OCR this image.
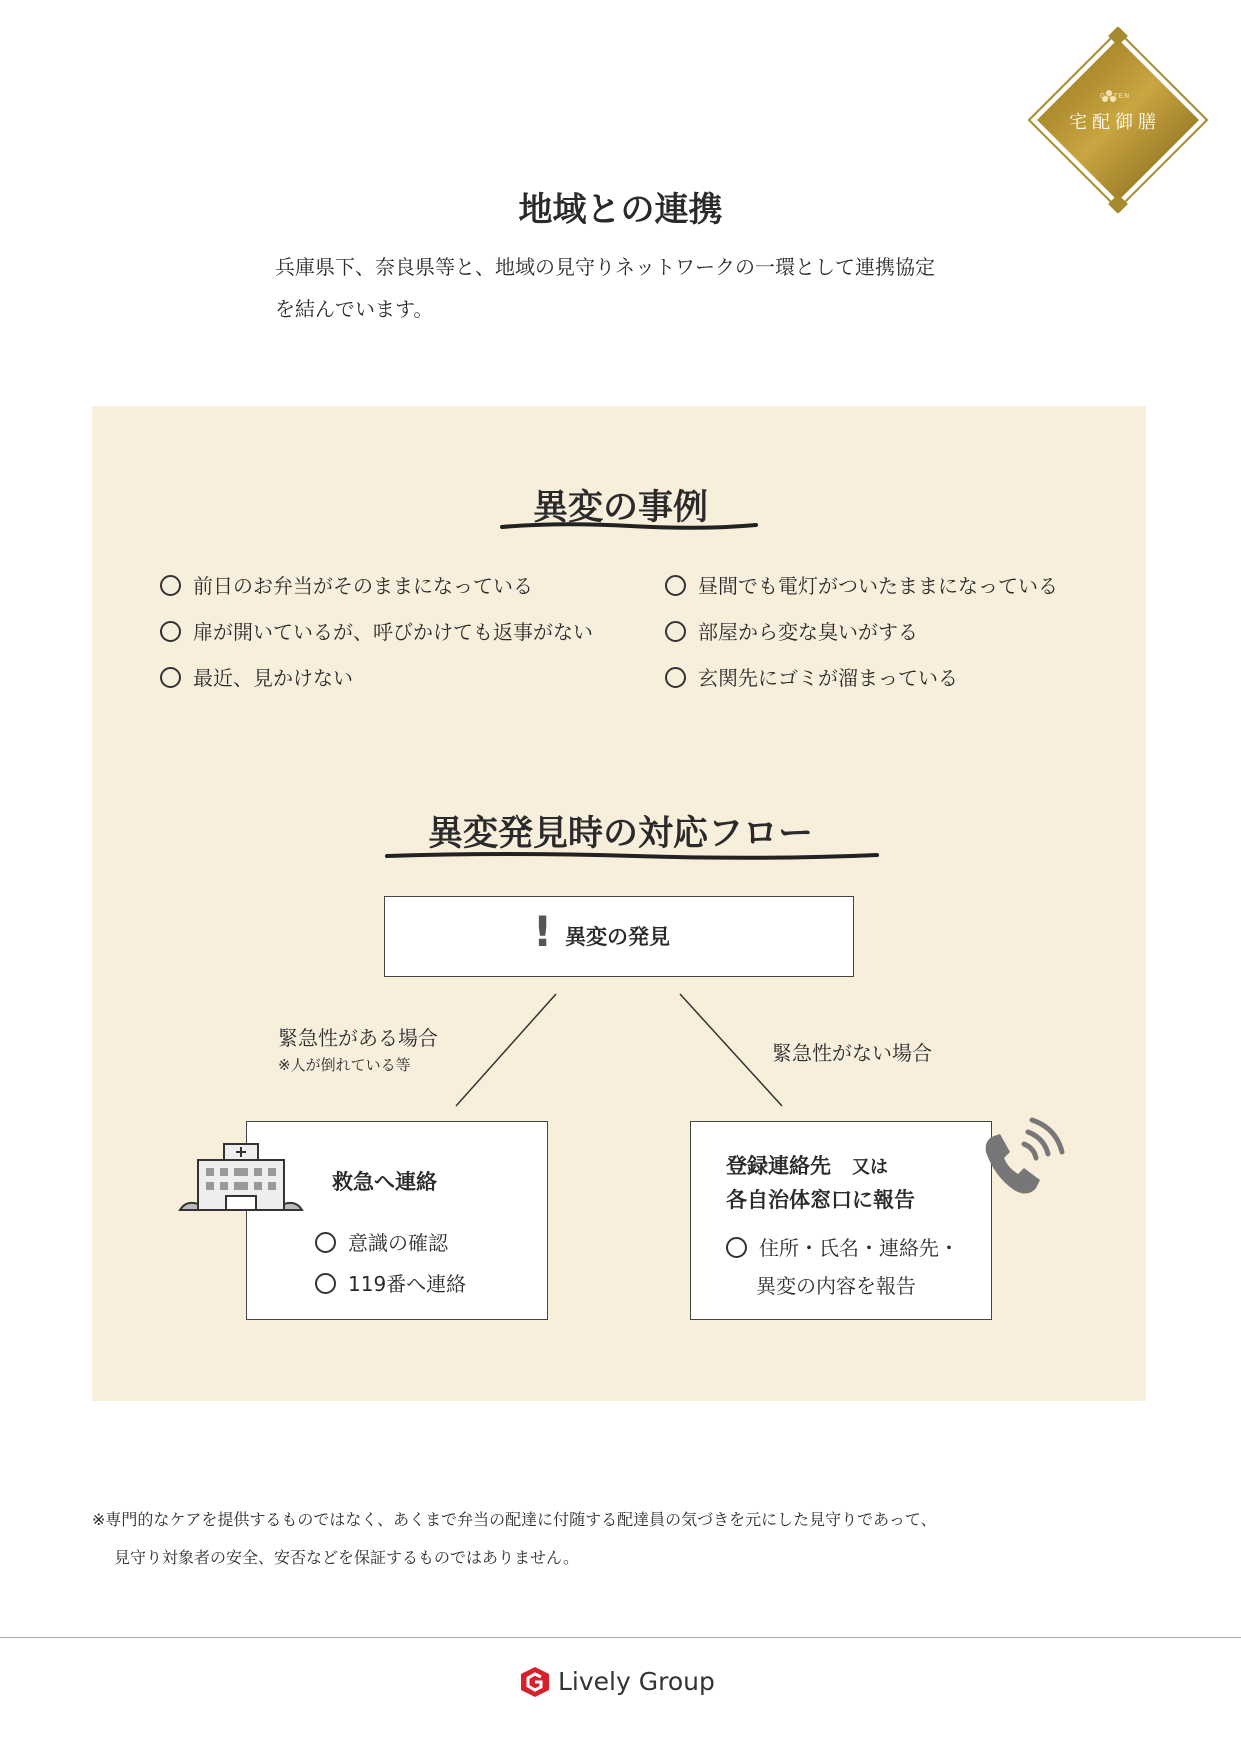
GOZEN
宅配御膳
地域との連携
兵庫県下、奈良県等と、地域の見守りネットワークの一環として連携協定
を結んでいます。
異変の事例
前日のお弁当がそのままになっている
扉が開いているが、呼びかけても返事がない
最近、見かけない
昼間でも電灯がついたままになっている
部屋から変な臭いがする
玄関先にゴミが溜まっている
異変発見時の対応フロー
! 異変の発見
緊急性がある場合
※人が倒れている等	緊急性がない場合
救急へ連絡
意識の確認
119番へ連絡
登録連絡先　 又は
各自治体窓口に報告
住所・氏名・連絡先・
異変の内容を報告
※専門的なケアを提供するものではなく、あくまで弁当の配達に付随する配達員の気づきを元にした見守りであって、
見守り対象者の安全、安否などを保証するものではありません。
Lively Group
